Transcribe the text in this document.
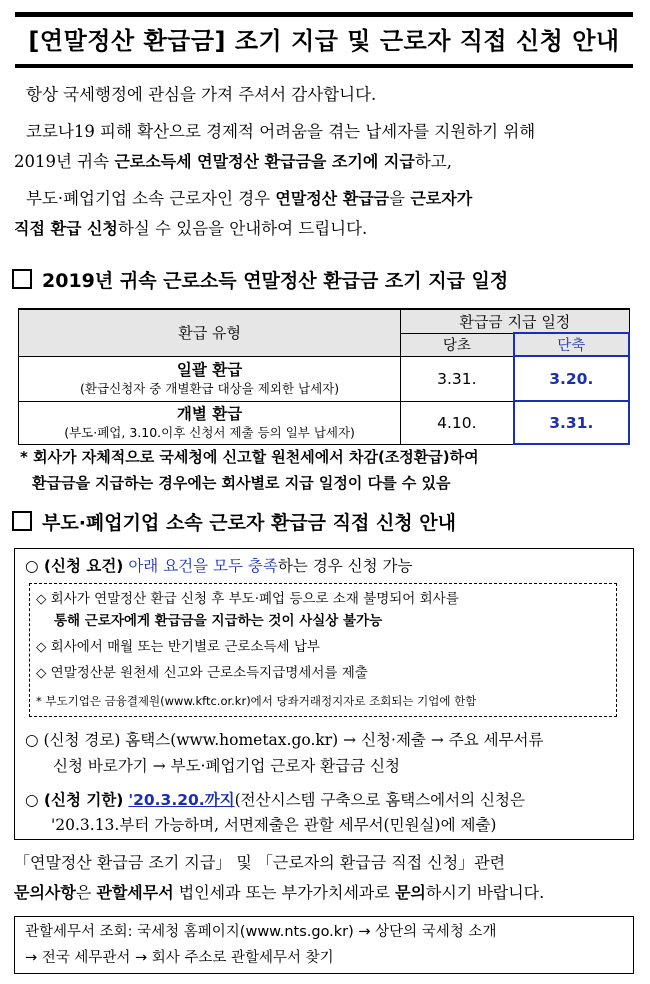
[연말정산 환급금] 조기 지급 및 근로자 직접 신청 안내
항상 국세행정에 관심을 가져 주셔서 감사합니다.
코로나19 피해 확산으로 경제적 어려움을 겪는 납세자를 지원하기 위해
2019년 귀속 근로소득세 연말정산 환급금을 조기에 지급하고,
부도·폐업기업 소속 근로자인 경우 연말정산 환급금을 근로자가
직접 환급 신청하실 수 있음을 안내하여 드립니다.
2019년 귀속 근로소득 연말정산 환급금 조기 지급 일정
환급 유형	환급금 지급 일정	
	당초	단축

일괄 환급
(환급신청자 중 개별환급 대상을 제외한 납세자)	3.31.	3.20.

개별 환급
(부도·폐업, 3.10.이후 신청서 제출 등의 일부 납세자)	4.10.	3.31.
* 회사가 자체적으로 국세청에 신고할 원천세에서 차감(조정환급)하여
환급금을 지급하는 경우에는 회사별로 지급 일정이 다를 수 있음
부도·폐업기업 소속 근로자 환급금 직접 신청 안내
○ (신청 요건) 아래 요건을 모두 충족하는 경우 신청 가능
◇ 회사가 연말정산 환급 신청 후 부도·폐업 등으로 소재 불명되어 회사를
통해 근로자에게 환급금을 지급하는 것이 사실상 불가능
◇ 회사에서 매월 또는 반기별로 근로소득세 납부
◇ 연말정산분 원천세 신고와 근로소득지급명세서를 제출
* 부도기업은 금융결제원(www.kftc.or.kr)에서 당좌거래정지자로 조회되는 기업에 한함
○ (신청 경로) 홈택스(www.hometax.go.kr) → 신청·제출 → 주요 세무서류
신청 바로가기 → 부도·폐업기업 근로자 환급금 신청
○ (신청 기한) '20.3.20.까지(전산시스템 구축으로 홈택스에서의 신청은
'20.3.13.부터 가능하며, 서면제출은 관할 세무서(민원실)에 제출)
「연말정산 환급금 조기 지급」 및 「근로자의 환급금 직접 신청」관련
문의사항은 관할세무서 법인세과 또는 부가가치세과로 문의하시기 바랍니다.
관할세무서 조회: 국세청 홈페이지(www.nts.go.kr) → 상단의 국세청 소개
→ 전국 세무관서 → 회사 주소로 관할세무서 찾기
